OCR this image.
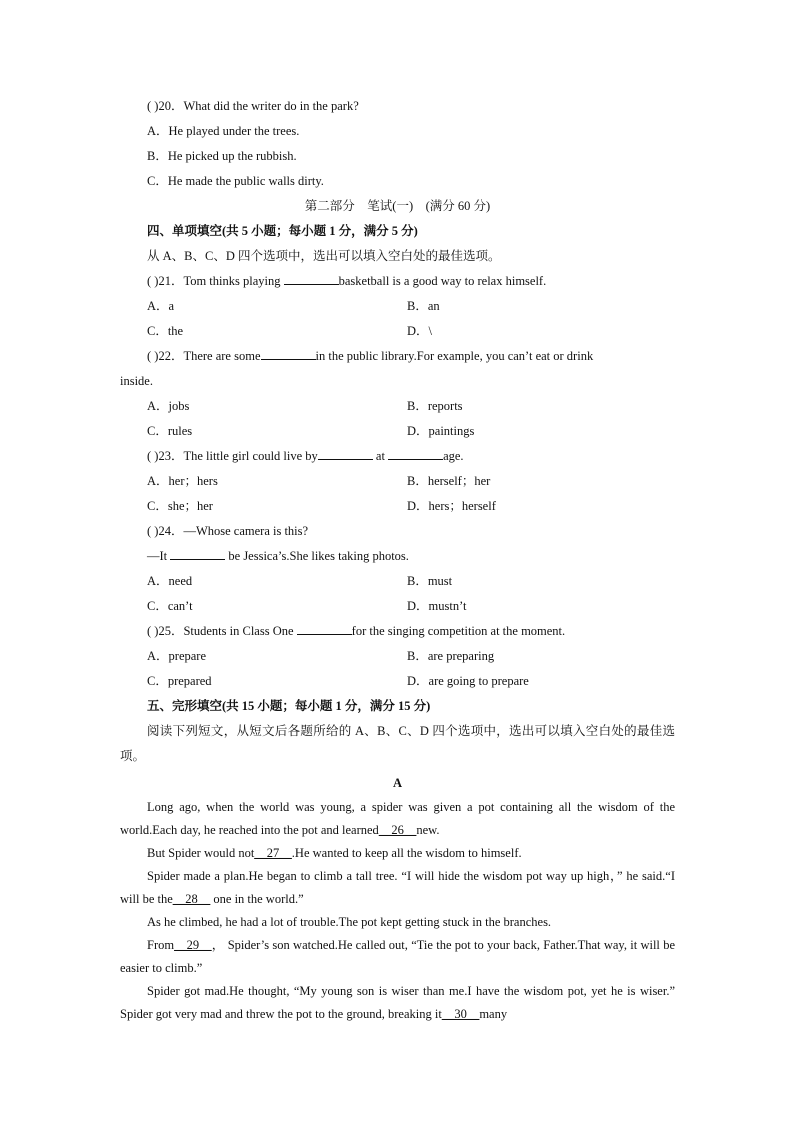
( )20．What did the writer do in the park?
A．He played under the trees.
B．He picked up the rubbish.
C．He made the public walls dirty.
第二部分　笔试(一)　(满分 60 分)
四、单项填空(共 5 小题；每小题 1 分，满分 5 分)
从 A、B、C、D 四个选项中，选出可以填入空白处的最佳选项。
( )21．Tom thinks playing	basketball is a good way to relax himself.
A．a	B．an
C．the	D．\
( )22．There are some	in the public library.For example, you can’t eat or drink
inside.
A．jobs	B．reports
C．rules	D．paintings
( )23．The little girl could live by	at	age.
A．her；hers	B．herself；her
C．she；her	D．hers；herself
( )24．—Whose camera is this?
—It	be Jessica’s.She likes taking photos.
A．need	B．must
C．can’t	D．mustn’t
( )25．Students in Class One	for the singing competition at the moment.
A．prepare	B．are preparing
C．prepared	D．are going to prepare
五、完形填空(共 15 小题；每小题 1 分，满分 15 分)
阅读下列短文，从短文后各题所给的 A、B、C、D 四个选项中，选出可以填入空白处的最佳选项。
A
Long ago, when the world was young, a spider was given a pot containing all the wisdom of the world.Each day, he reached into the pot and learned__26__new.
But Spider would not__27__.He wanted to keep all the wisdom to himself.
Spider made a plan.He began to climb a tall tree. “I will hide the wisdom pot way up high，” he said.“I will be the__28__ one in the world.”
As he climbed, he had a lot of trouble.The pot kept getting stuck in the branches.
From__29__， Spider’s son watched.He called out, “Tie the pot to your back, Father.That way, it will be easier to climb.”
Spider got mad.He thought, “My young son is wiser than me.I have the wisdom pot, yet he is wiser.” Spider got very mad and threw the pot to the ground, breaking it__30__many
